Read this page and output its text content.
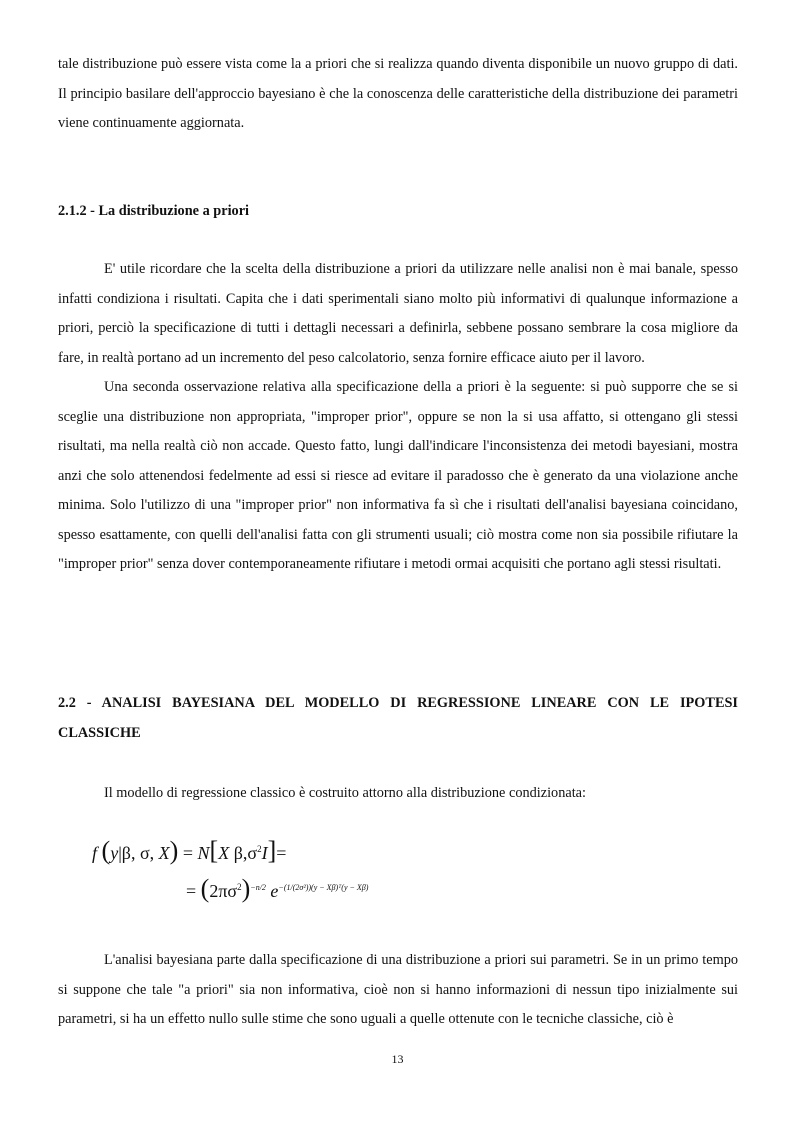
tale distribuzione può essere vista come la a priori che si realizza quando diventa disponibile un nuovo gruppo di dati. Il principio basilare dell'approccio bayesiano è che la conoscenza delle caratteristiche della distribuzione dei parametri viene continuamente aggiornata.

2.1.2 - La distribuzione a priori

E' utile ricordare che la scelta della distribuzione a priori da utilizzare nelle analisi non è mai banale, spesso infatti condiziona i risultati. Capita che i dati sperimentali siano molto più informativi di qualunque informazione a priori, perciò la specificazione di tutti i dettagli necessari a definirla, sebbene possano sembrare la cosa migliore da fare, in realtà portano ad un incremento del peso calcolatorio, senza fornire efficace aiuto per il lavoro.

Una seconda osservazione relativa alla specificazione della a priori è la seguente: si può supporre che se si sceglie una distribuzione non appropriata, "improper prior", oppure se non la si usa affatto, si ottengano gli stessi risultati, ma nella realtà ciò non accade. Questo fatto, lungi dall'indicare l'inconsistenza dei metodi bayesiani, mostra anzi che solo attenendosi fedelmente ad essi si riesce ad evitare il paradosso che è generato da una violazione anche minima. Solo l'utilizzo di una "improper prior" non informativa fa sì che i risultati dell'analisi bayesiana coincidano, spesso esattamente, con quelli dell'analisi fatta con gli strumenti usuali; ciò mostra come non sia possibile rifiutare la "improper prior" senza dover contemporaneamente rifiutare i metodi ormai acquisiti che portano agli stessi risultati.

2.2 - ANALISI BAYESIANA DEL MODELLO DI REGRESSIONE LINEARE CON LE IPOTESI CLASSICHE

Il modello di regressione classico è costruito attorno alla distribuzione condizionata:

f (y|β, σ, X) = N[X $\beta,\sigma^2I]=$
= $(2\pi\sigma^2)^{-n/2}$ $e^{-(1/(2\sigma^2))(y - X\beta)ᵀ(y - X\beta)}$

L'analisi bayesiana parte dalla specificazione di una distribuzione a priori sui parametri. Se in un primo tempo si suppone che tale "a priori" sia non informativa, cioè non si hanno informazioni di nessun tipo inizialmente sui parametri, si ha un effetto nullo sulle stime che sono uguali a quelle ottenute con le tecniche classiche, ciò è

13
